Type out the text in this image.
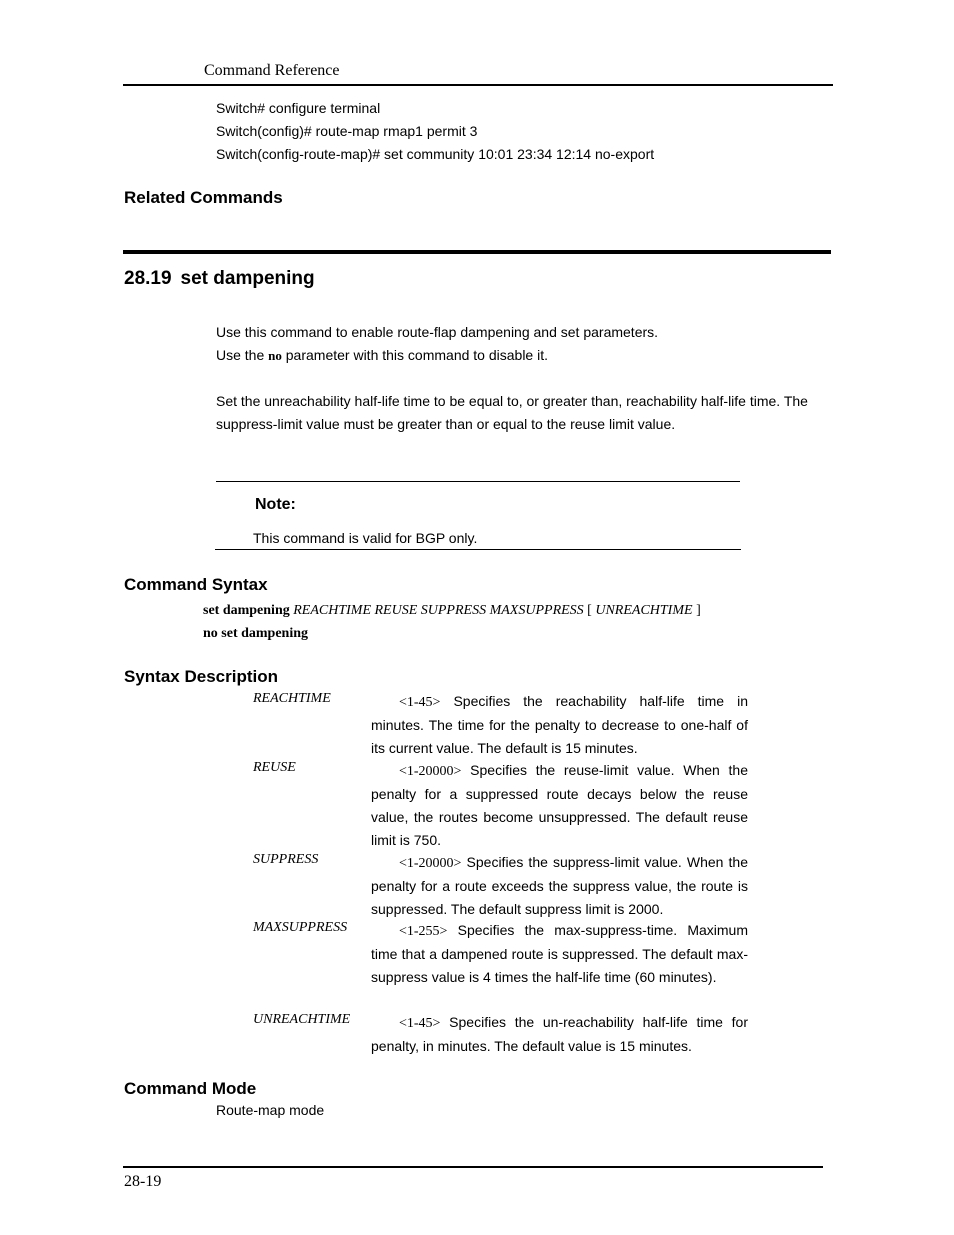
Command Reference
Switch# configure terminal
Switch(config)# route-map rmap1 permit 3
Switch(config-route-map)# set community 10:01 23:34 12:14 no-export
Related Commands
28.19 set dampening
Use this command to enable route-flap dampening and set parameters.
Use the no parameter with this command to disable it.
Set the unreachability half-life time to be equal to, or greater than, reachability half-life time. The
suppress-limit value must be greater than or equal to the reuse limit value.
Note:
This command is valid for BGP only.
Command Syntax
set dampening REACHTIME REUSE SUPPRESS MAXSUPPRESS [ UNREACHTIME ]
no set dampening
Syntax Description
REACHTIME	<1-45> Specifies the reachability half-life time in minutes. The time for the penalty to decrease to one-half of its current value. The default is 15 minutes.
REUSE	<1-20000> Specifies the reuse-limit value. When the penalty for a suppressed route decays below the reuse value, the routes become unsuppressed. The default reuse limit is 750.
SUPPRESS	<1-20000> Specifies the suppress-limit value. When the penalty for a route exceeds the suppress value, the route is suppressed. The default suppress limit is 2000.
MAXSUPPRESS	<1-255> Specifies the max-suppress-time. Maximum time that a dampened route is suppressed. The default max-suppress value is 4 times the half-life time (60 minutes).
UNREACHTIME	<1-45> Specifies the un-reachability half-life time for penalty, in minutes. The default value is 15 minutes.
Command Mode
Route-map mode
28-19
